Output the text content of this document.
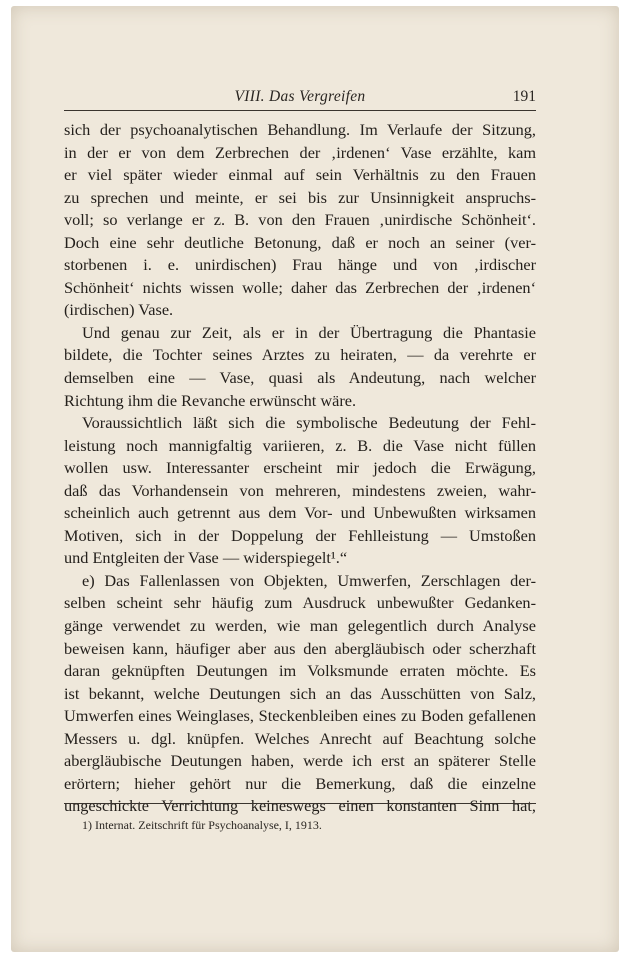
VIII. Das Vergreifen	191
sich der psychoanalytischen Behandlung. Im Verlaufe der Sitzung,
in der er von dem Zerbrechen der ‚irdenen‘ Vase erzählte, kam
er viel später wieder einmal auf sein Verhältnis zu den Frauen
zu sprechen und meinte, er sei bis zur Unsinnigkeit anspruchs-
voll; so verlange er z. B. von den Frauen ‚unirdische Schönheit‘.
Doch eine sehr deutliche Betonung, daß er noch an seiner (ver-
storbenen i. e. unirdischen) Frau hänge und von ‚irdischer
Schönheit‘ nichts wissen wolle; daher das Zerbrechen der ‚irdenen‘
(irdischen) Vase.
Und genau zur Zeit, als er in der Übertragung die Phantasie
bildete, die Tochter seines Arztes zu heiraten, — da verehrte er
demselben eine — Vase, quasi als Andeutung, nach welcher
Richtung ihm die Revanche erwünscht wäre.
Voraussichtlich läßt sich die symbolische Bedeutung der Fehl-
leistung noch mannigfaltig variieren, z. B. die Vase nicht füllen
wollen usw. Interessanter erscheint mir jedoch die Erwägung,
daß das Vorhandensein von mehreren, mindestens zweien, wahr-
scheinlich auch getrennt aus dem Vor- und Unbewußten wirksamen
Motiven, sich in der Doppelung der Fehlleistung — Umstoßen
und Entgleiten der Vase — widerspiegelt¹.“
e) Das Fallenlassen von Objekten, Umwerfen, Zerschlagen der-
selben scheint sehr häufig zum Ausdruck unbewußter Gedanken-
gänge verwendet zu werden, wie man gelegentlich durch Analyse
beweisen kann, häufiger aber aus den abergläubisch oder scherzhaft
daran geknüpften Deutungen im Volksmunde erraten möchte. Es
ist bekannt, welche Deutungen sich an das Ausschütten von Salz,
Umwerfen eines Weinglases, Steckenbleiben eines zu Boden gefallenen
Messers u. dgl. knüpfen. Welches Anrecht auf Beachtung solche
abergläubische Deutungen haben, werde ich erst an späterer Stelle
erörtern; hieher gehört nur die Bemerkung, daß die einzelne
ungeschickte Verrichtung keineswegs einen konstanten Sinn hat,
1) Internat. Zeitschrift für Psychoanalyse, I, 1913.
